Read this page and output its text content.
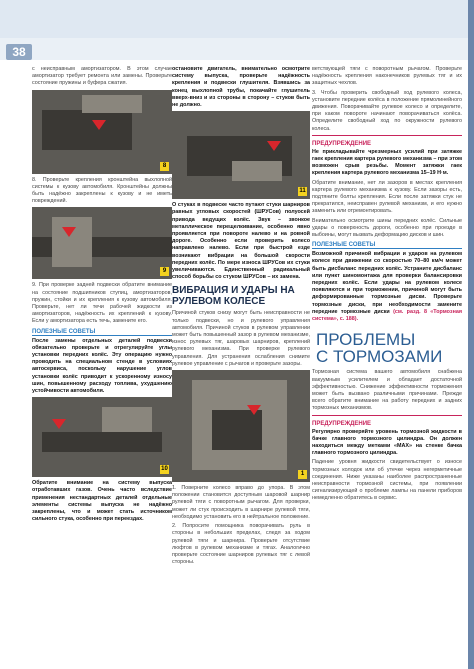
38

с неисправным амортизатором. В этом случае амортизатор требует ремонта или замены. Проверьте состояние пружины и буфера сжатия.

8

8. Проверьте крепления кронштейна выхлопной системы к кузову автомобиля. Кронштейны должны быть надёжно закреплены к кузову и не иметь повреждений.

9

9. При проверке задней подвески обратите внимание на состояние подшипников ступиц, амортизаторов, пружин, стойки и их крепления к кузову автомобиля. Проверьте, нет ли течи рабочей жидкости из амортизаторов, надёжность их креплений к кузову. Если у амортизатора есть течь, замените его.

ПОЛЕЗНЫЕ СОВЕТЫ

После замены отдельных деталей подвески обязательно проверьте и отрегулируйте углы установки передних колёс. Эту операцию нужно проводить на специальном стенде в условиях автосервиса, поскольку нарушение углов установки колёс приводит к ускоренному износу шин, повышенному расходу топлива, ухудшению устойчивости автомобиля.

10

Обратите внимание на систему выпуска отработавших газов. Очень часто вследствие применения нестандартных деталей отдельные элементы системы выпуска не надёжно закреплены, что и может стать источником сильного стука, особенно при переездах.

остановите двигатель, внимательно осмотрите систему выпуска, проверьте надёжность крепления и подвески глушителя. Взявшись за конец выхлопной трубы, покачайте глушитель вверх-вниз и из стороны в сторону – стуков быть не должно.

11

О стуках в подвеске часто путают стуки шарниров равных угловых скоростей (ШРУСов) полуосей привода ведущих колёс. Звук – звонкое металлическое перещелкивание, особенно явно проявляется при повороте налево и на ровной дороге. Особенно если проверить колесо направлено налево. Если при быстрой езде возникают вибрации на большой скорости передних колёс. По мере износа ШРУСов их стуки увеличиваются. Единственный радикальный способ борьбы со стуком ШРУСов – их замена.

ВИБРАЦИЯ И УДАРЫ НА РУЛЕВОМ КОЛЕСЕ

Причиной стуков снизу могут быть неисправности не только подвески, но и рулевого управления автомобиля. Причиной стуков в рулевом управлении может быть повышенный зазор в рулевом механизме, износ рулевых тяг, шаровых шарниров, креплений рулевого механизма. При проверке рулевого управления. Для устранения ослабления снимите рулевое управление с рычагов и проверьте зазоры.

1

1. Поверните колесо вправо до упора. В этом положении становится доступным шаровой шарнир рулевой тяги с поворотным рычагом. Для проверки, может ли стук происходить в шарнире рулевой тяги, необходимо установить его в нейтральное положение.

2. Попросите помощника поворачивать руль в стороны в небольших пределах, следя за ходом рулевой тяги и шарнира. Проверьте отсутствие люфтов в рулевом механизме и тягах. Аналогично проверьте состояние шарниров рулевых тяг с левой стороны.

ветствующей тяги с поворотным рычагом. Проверьте надёжность крепления наконечников рулевых тяг и их защитных чехлов.

3. Чтобы проверить свободный ход рулевого колеса, установите передние колёса в положение прямолинейного движения. Поворачивайте рулевое колесо и определите, при каком повороте начинают поворачиваться колёса. Определите свободный ход по окружности рулевого колеса.

ПРЕДУПРЕЖДЕНИЕ

Не прикладывайте чрезмерных усилий при затяжке гаек крепления картера рулевого механизма – при этом возможен срыв резьбы. Момент затяжки гаек крепления картера рулевого механизма 15–19 Н·м.

Обратите внимание, нет ли зазоров в местах крепления картера рулевого механизма к кузову. Если зазоры есть, подтяните болты крепления. Если после затяжки стук не прекратился, неисправен рулевой механизм, и его нужно заменить или отремонтировать.

Внимательно осмотрите шины передних колёс. Сильные удары о поверхность дороги, особенно при проезде в выбоины, могут вызвать деформацию дисков и шин.

ПОЛЕЗНЫЕ СОВЕТЫ

Возможной причиной вибрации и ударов на рулевом колесе при движении со скоростью 70–80 км/ч может быть дисбаланс передних колёс. Устраните дисбаланс или пункт шиномонтажа для проверки балансировки передних колёс. Если удары на рулевом колесе появляются и при торможении, причиной могут быть деформированные тормозные диски. Проверьте тормозные диски, при необходимости замените передние тормозные диски (см. разд. 8 «Тормозная система», с. 188).

ПРОБЛЕМЫ
С ТОРМОЗАМИ

Тормозная система вашего автомобиля снабжена вакуумным усилителем и обладает достаточной эффективностью. Снижение эффективности торможения может быть вызвано различными причинами. Прежде всего обратите внимание на работу передних и задних тормозных механизмов.

ПРЕДУПРЕЖДЕНИЕ

Регулярно проверяйте уровень тормозной жидкости в бачке главного тормозного цилиндра. Он должен находиться между метками «МАХ» на стенке бачка главного тормозного цилиндра.

Падение уровня жидкости свидетельствует о износе тормозных колодок или об утечке через негерметичные соединения. Ниже указаны наиболее распространенные неисправности тормозной системы, при появлении сигнализирующей о проблеме лампы на панели приборов немедленно обратитесь в сервис.
